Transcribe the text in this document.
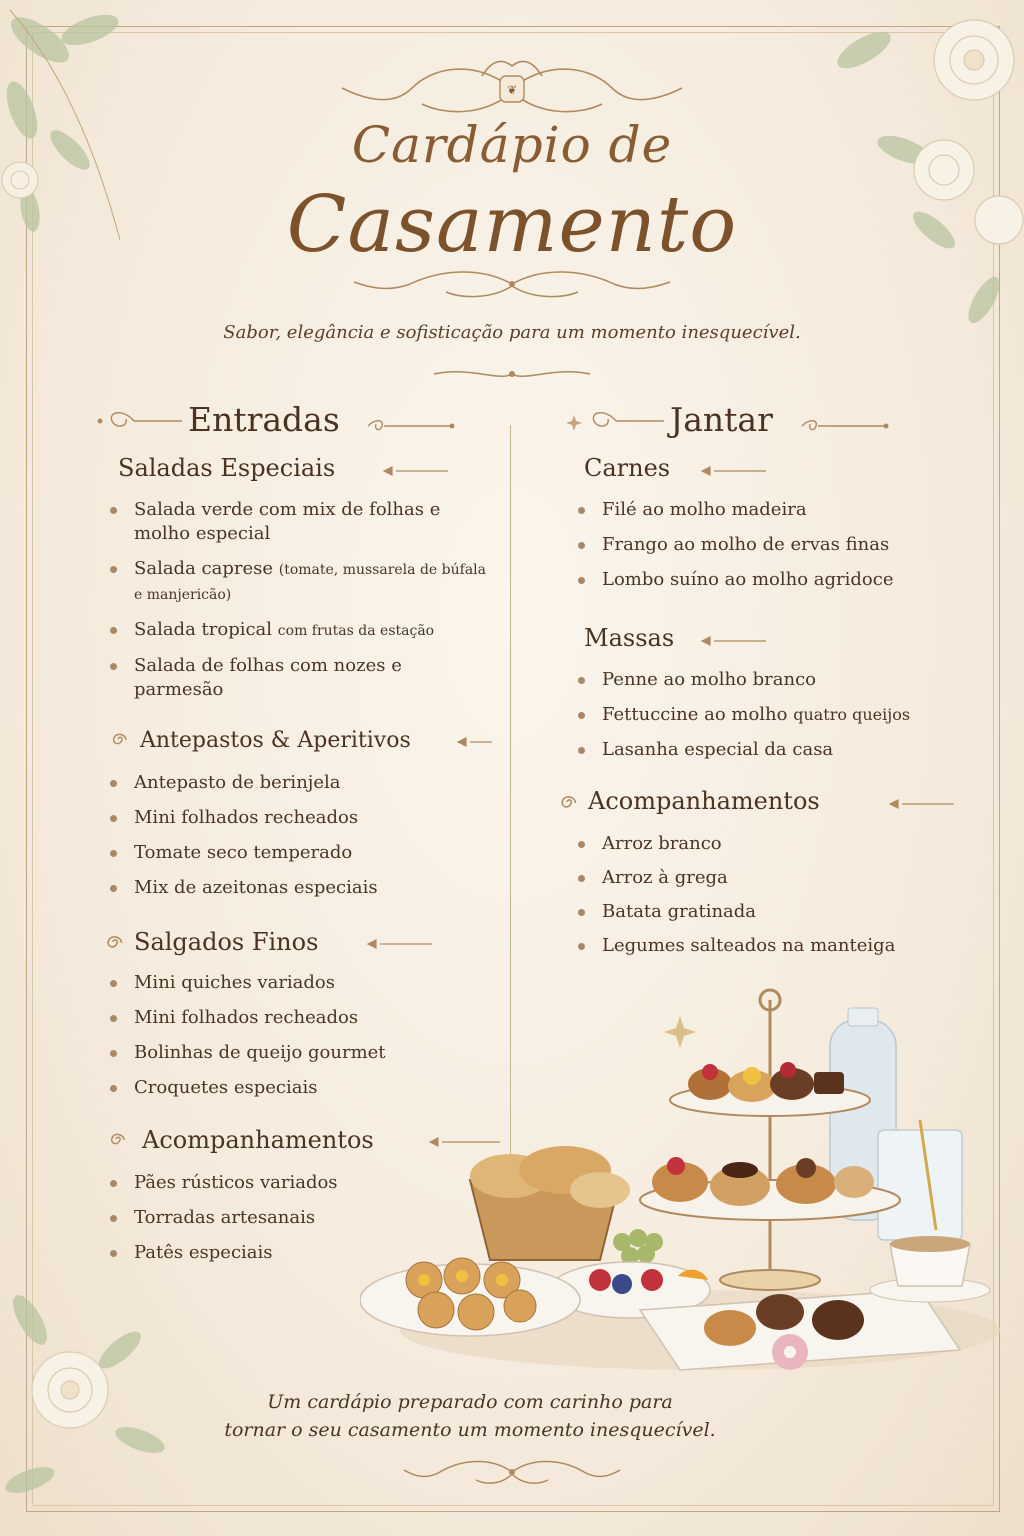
❦
Cardápio de
Casamento
Sabor, elegância e sofisticação para um momento inesquecível.
Entradas
Saladas Especiais
Salada verde com mix de folhas e molho especial
Salada caprese (tomate, mussarela de búfala e manjericão)
Salada tropical com frutas da estação
Salada de folhas com nozes e parmesão
Antepastos & Aperitivos
Antepasto de berinjela
Mini folhados recheados
Tomate seco temperado
Mix de azeitonas especiais
Salgados Finos
Mini quiches variados
Mini folhados recheados
Bolinhas de queijo gourmet
Croquetes especiais
Acompanhamentos
Pães rústicos variados
Torradas artesanais
Patês especiais
Jantar
Carnes
Filé ao molho madeira
Frango ao molho de ervas finas
Lombo suíno ao molho agridoce
Massas
Penne ao molho branco
Fettuccine ao molho quatro queijos
Lasanha especial da casa
Acompanhamentos
Arroz branco
Arroz à grega
Batata gratinada
Legumes salteados na manteiga
Um cardápio preparado com carinho para
tornar o seu casamento um momento inesquecível.
